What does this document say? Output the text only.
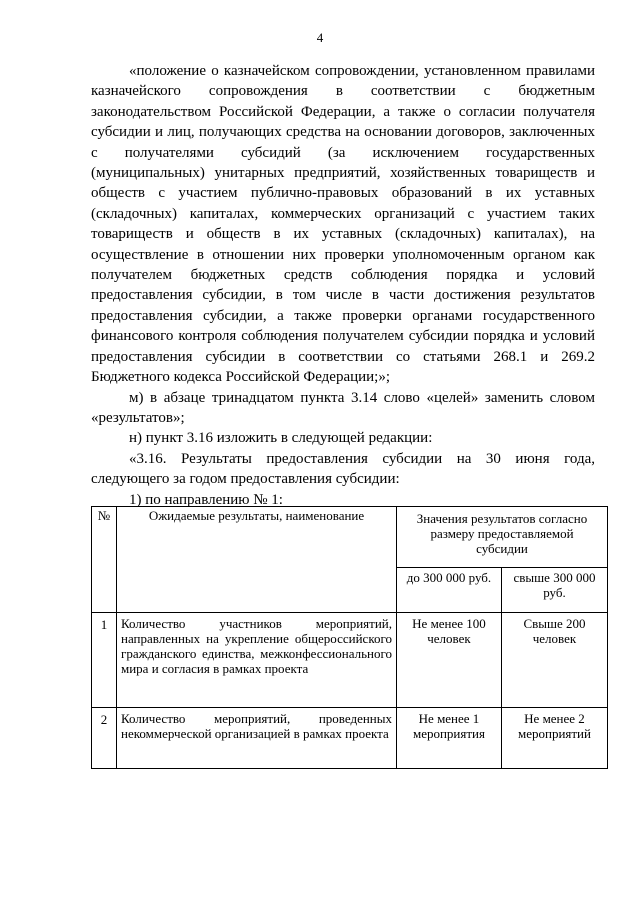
4

«положение о казначейском сопровождении, установленном правилами казначейского сопровождения в соответствии с бюджетным законодательством Российской Федерации, а также о согласии получателя субсидии и лиц, получающих средства на основании договоров, заключенных с получателями субсидий (за исключением государственных (муниципальных) унитарных предприятий, хозяйственных товариществ и обществ с участием публично-правовых образований в их уставных (складочных) капиталах, коммерческих организаций с участием таких товариществ и обществ в их уставных (складочных) капиталах), на осуществление в отношении них проверки уполномоченным органом как получателем бюджетных средств соблюдения порядка и условий предоставления субсидии, в том числе в части достижения результатов предоставления субсидии, а также проверки органами государственного финансового контроля соблюдения получателем субсидии порядка и условий предоставления субсидии в соответствии со статьями 268.1 и 269.2 Бюджетного кодекса Российской Федерации;»;

м) в абзаце тринадцатом пункта 3.14 слово «целей» заменить словом «результатов»;

н) пункт 3.16 изложить в следующей редакции:

«3.16. Результаты предоставления субсидии на 30 июня года, следующего за годом предоставления субсидии:

1) по направлению № 1:

№	Ожидаемые результаты, наименование	Значения результатов согласно размеру предоставляемой субсидии	
		до 300 000 руб.	свыше 300 000 руб.
1	Количество участников мероприятий, направленных на укрепление общероссийского гражданского единства, межконфессионального мира и согласия в рамках проекта	Не менее 100 человек	Свыше 200 человек
2	Количество мероприятий, проведенных некоммерческой организацией в рамках проекта	Не менее 1 мероприятия	Не менее 2 мероприятий
